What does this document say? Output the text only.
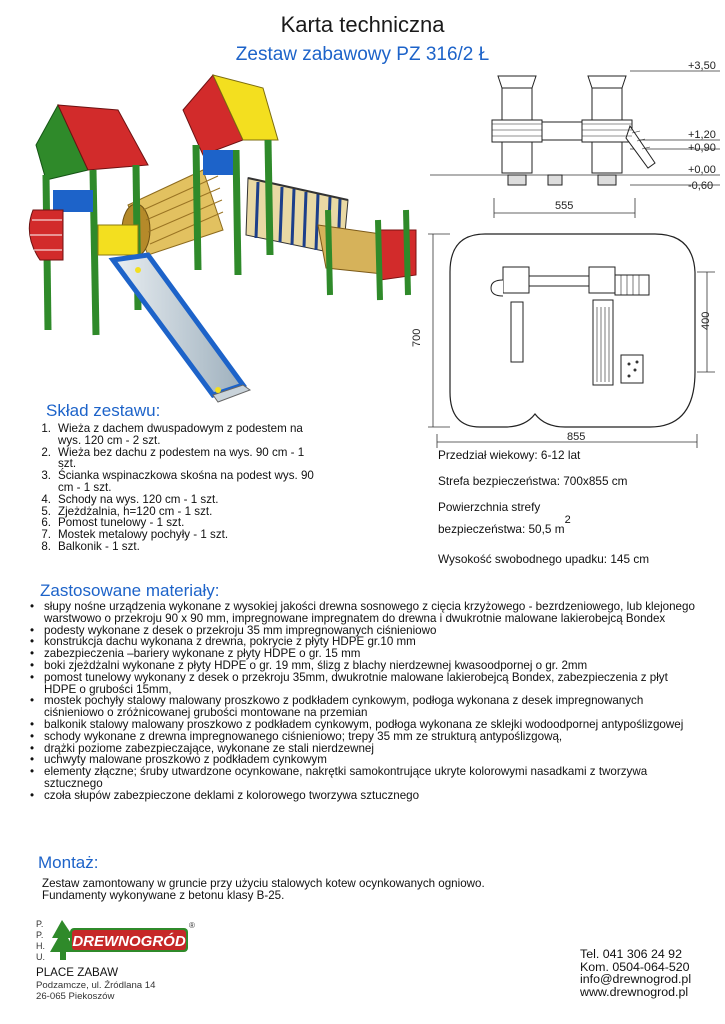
Karta techniczna
Zestaw zabawowy PZ 316/2 Ł
+3,50
+1,20
+0,90
+0,00
-0,60
555
700
400
855
Skład zestawu:
1. Wieża z dachem dwuspadowym z podestem na wys. 120 cm - 2 szt.
2. Wieża bez dachu z podestem na wys. 90 cm - 1 szt.
3. Ścianka wspinaczkowa skośna na podest wys. 90 cm - 1 szt.
4. Schody na wys. 120 cm - 1 szt.
5. Zjeżdżalnia, h=120 cm - 1 szt.
6. Pomost tunelowy - 1 szt.
7. Mostek metalowy pochyły - 1 szt.
8. Balkonik - 1 szt.
Przedział wiekowy: 6-12 lat
Strefa bezpieczeństwa: 700x855 cm
Powierzchnia strefy
bezpieczeństwa: 50,5 m2
Wysokość swobodnego upadku: 145 cm
Zastosowane materiały:
• słupy nośne urządzenia wykonane z wysokiej jakości drewna sosnowego z cięcia krzyżowego - bezrdzeniowego, lub klejonego warstwowo o przekroju 90 x 90 mm, impregnowane impregnatem do drewna i dwukrotnie malowane lakierobejcą Bondex
• podesty wykonane z desek o przekroju 35 mm impregnowanych ciśnieniowo
• konstrukcja dachu wykonana z drewna, pokrycie z płyty HDPE gr.10 mm
• zabezpieczenia –bariery wykonane z płyty HDPE o gr. 15 mm
• boki zjeżdżalni wykonane z płyty HDPE o gr. 19 mm, ślizg z blachy nierdzewnej kwasoodpornej o gr. 2mm
• pomost tunelowy wykonany z desek o przekroju 35mm, dwukrotnie malowane lakierobejcą Bondex, zabezpieczenia z płyt HDPE o grubości 15mm,
• mostek pochyły stalowy malowany proszkowo z podkładem cynkowym, podłoga wykonana z desek impregnowanych ciśnieniowo o zróżnicowanej grubości montowane na przemian
• balkonik stalowy malowany proszkowo z podkładem cynkowym, podłoga wykonana ze sklejki wodoodpornej antypoślizgowej
• schody wykonane z drewna impregnowanego ciśnieniowo; trepy 35 mm ze strukturą antypoślizgową,
• drążki poziome zabezpieczające, wykonane ze stali nierdzewnej
• uchwyty malowane proszkowo z podkładem cynkowym
• elementy złączne; śruby utwardzone ocynkowane, nakrętki samokontrujące ukryte kolorowymi nasadkami z tworzywa sztucznego
• czoła słupów zabezpieczone deklami z kolorowego tworzywa sztucznego
Montaż:
Zestaw zamontowany w gruncie przy użyciu stalowych kotew ocynkowanych ogniowo.
Fundamenty wykonywane z betonu klasy B-25.
P.
P.
H.
U.
DREWNOGRÓD
®
PLACE ZABAW
Podzamcze, ul. Źródlana 14
26-065 Piekoszów
Tel. 041 306 24 92
Kom. 0504-064-520
info@drewnogrod.pl
www.drewnogrod.pl
